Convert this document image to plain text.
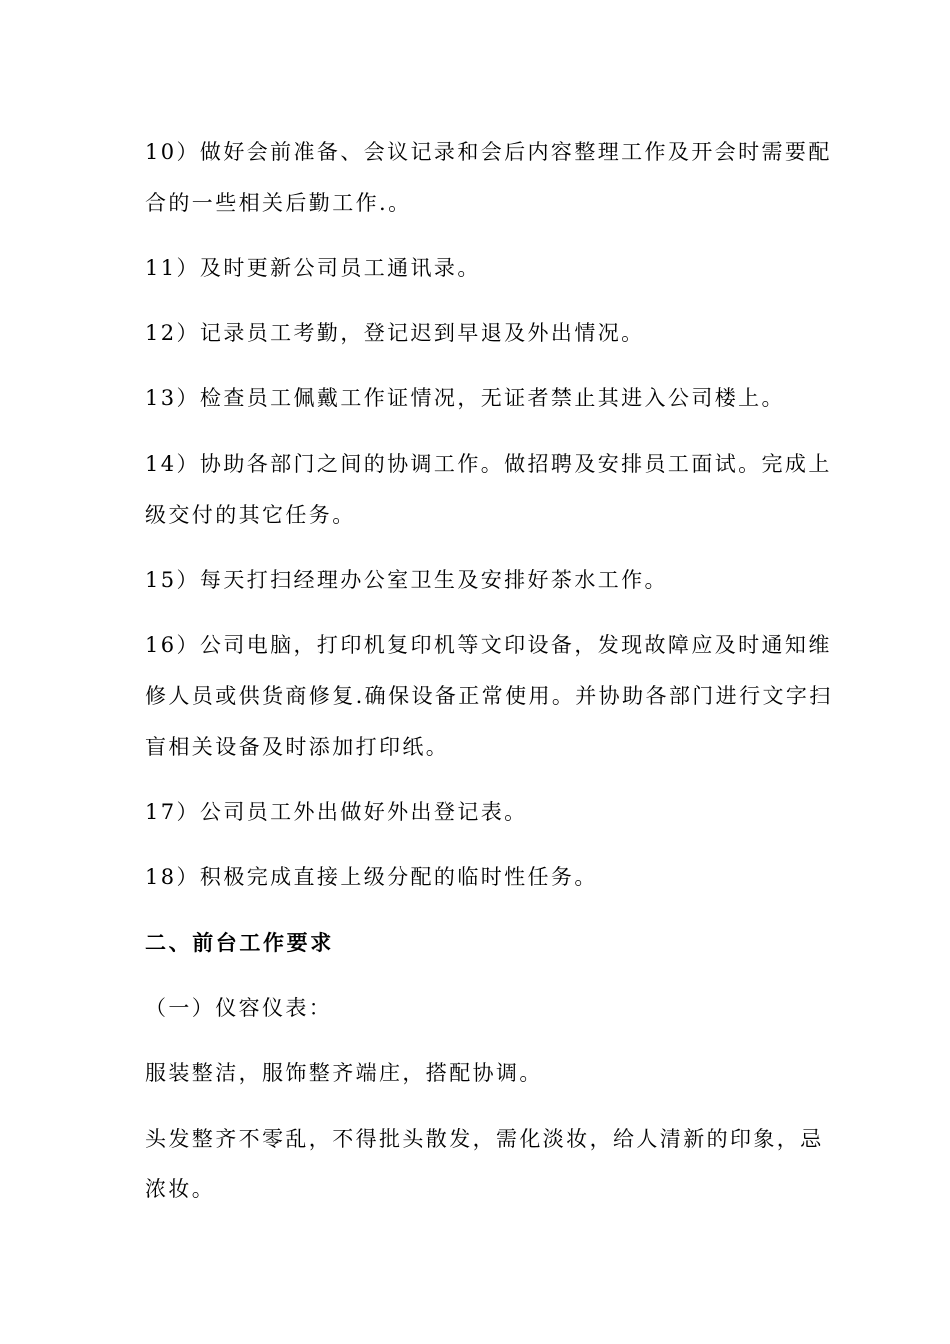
10）做好会前准备、会议记录和会后内容整理工作及开会时需要配
合的一些相关后勤工作.。
11）及时更新公司员工通讯录。
12）记录员工考勤，登记迟到早退及外出情况。
13）检查员工佩戴工作证情况，无证者禁止其进入公司楼上。
14）协助各部门之间的协调工作。做招聘及安排员工面试。完成上
级交付的其它任务。
15）每天打扫经理办公室卫生及安排好茶水工作。
16）公司电脑，打印机复印机等文印设备，发现故障应及时通知维
修人员或供货商修复.确保设备正常使用。并协助各部门进行文字扫
盲相关设备及时添加打印纸。
17）公司员工外出做好外出登记表。
18）积极完成直接上级分配的临时性任务。
二、前台工作要求
（一）仪容仪表：
服装整洁，服饰整齐端庄，搭配协调。
头发整齐不零乱，不得批头散发，需化淡妆，给人清新的印象，忌
浓妆。
